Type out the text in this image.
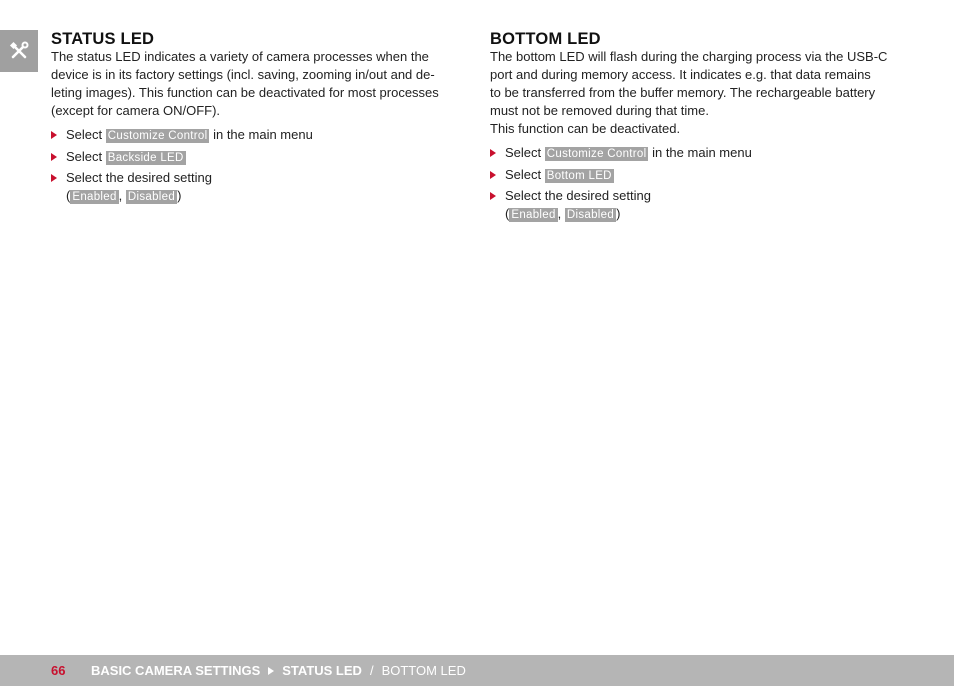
STATUS LED

The status LED indicates a variety of camera processes when the
device is in its factory settings (incl. saving, zooming in/out and de-
leting images). This function can be deactivated for most processes
(except for camera ON/OFF).

Select Customize Control in the main menu
Select Backside LED
Select the desired setting
( Enabled , Disabled )
BOTTOM LED

The bottom LED will flash during the charging process via the USB-C
port and during memory access. It indicates e.g. that data remains
to be transferred from the buffer memory. The rechargeable battery
must not be removed during that time.

This function can be deactivated.

Select Customize Control in the main menu
Select Bottom LED
Select the desired setting
( Enabled , Disabled )
66 BASIC CAMERA SETTINGS STATUS LED / BOTTOM LED
